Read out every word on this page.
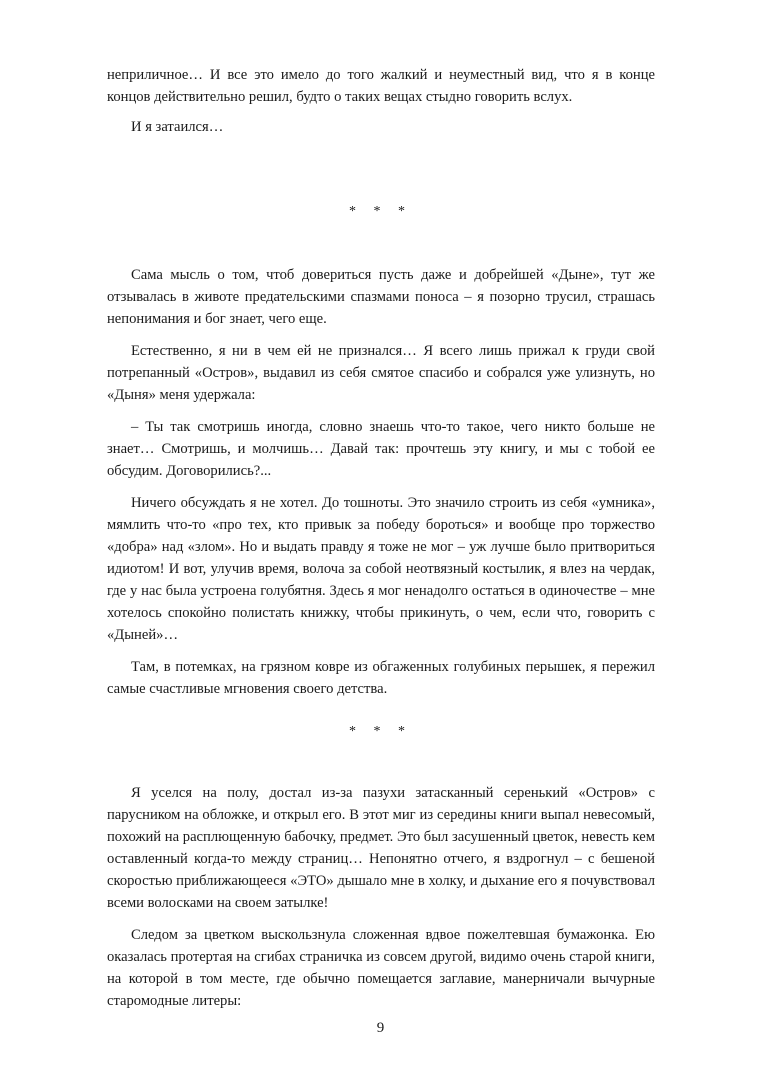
неприличное… И все это имело до того жалкий и неуместный вид, что я в конце концов действительно решил, будто о таких вещах стыдно говорить вслух.

И я затаился…

* * *

Сама мысль о том, чтоб довериться пусть даже и добрейшей «Дыне», тут же отзывалась в животе предательскими спазмами поноса – я позорно трусил, страшась непонимания и бог знает, чего еще.

Естественно, я ни в чем ей не признался… Я всего лишь прижал к груди свой потрепанный «Остров», выдавил из себя смятое спасибо и собрался уже улизнуть, но «Дыня» меня удержала:

– Ты так смотришь иногда, словно знаешь что-то такое, чего никто больше не знает… Смотришь, и молчишь… Давай так: прочтешь эту книгу, и мы с тобой ее обсудим. Договорились?...

Ничего обсуждать я не хотел. До тошноты. Это значило строить из себя «умника», мямлить что-то «про тех, кто привык за победу бороться» и вообще про торжество «добра» над «злом». Но и выдать правду я тоже не мог – уж лучше было притвориться идиотом! И вот, улучив время, волоча за собой неотвязный костылик, я влез на чердак, где у нас была устроена голубятня. Здесь я мог ненадолго остаться в одиночестве – мне хотелось спокойно полистать книжку, чтобы прикинуть, о чем, если что, говорить с «Дыней»…

Там, в потемках, на грязном ковре из обгаженных голубиных перышек, я пережил самые счастливые мгновения своего детства.

* * *

Я уселся на полу, достал из-за пазухи затасканный серенький «Остров» с парусником на обложке, и открыл его. В этот миг из середины книги выпал невесомый, похожий на расплющенную бабочку, предмет. Это был засушенный цветок, невесть кем оставленный когда-то между страниц… Непонятно отчего, я вздрогнул – с бешеной скоростью приближающееся «ЭТО» дышало мне в холку, и дыхание его я почувствовал всеми волосками на своем затылке!

Следом за цветком выскользнула сложенная вдвое пожелтевшая бумажонка. Ею оказалась протертая на сгибах страничка из совсем другой, видимо очень старой книги, на которой в том месте, где обычно помещается заглавие, манерничали вычурные старомодные литеры:

9
